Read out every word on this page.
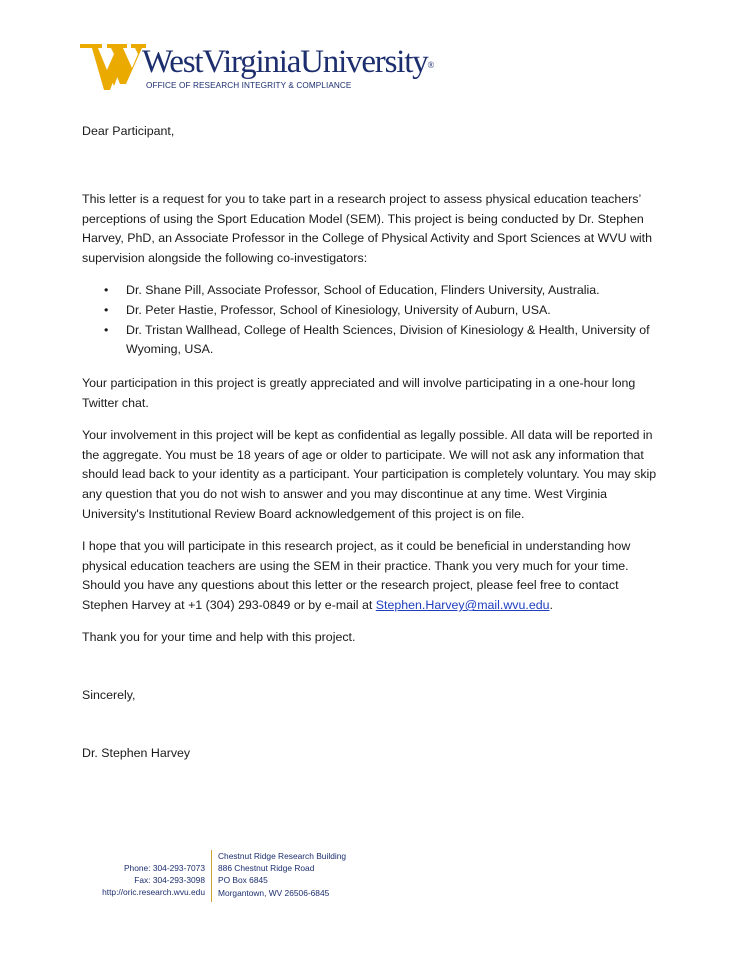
WestVirginiaUniversity®
OFFICE OF RESEARCH INTEGRITY & COMPLIANCE

Dear Participant,

This letter is a request for you to take part in a research project to assess physical education teachers’ perceptions of using the Sport Education Model (SEM). This project is being conducted by Dr. Stephen Harvey, PhD, an Associate Professor in the College of Physical Activity and Sport Sciences at WVU with supervision alongside the following co-investigators:

• Dr. Shane Pill, Associate Professor, School of Education, Flinders University, Australia.
• Dr. Peter Hastie, Professor, School of Kinesiology, University of Auburn, USA.
• Dr. Tristan Wallhead, College of Health Sciences, Division of Kinesiology & Health, University of Wyoming, USA.

Your participation in this project is greatly appreciated and will involve participating in a one-hour long Twitter chat.

Your involvement in this project will be kept as confidential as legally possible. All data will be reported in the aggregate. You must be 18 years of age or older to participate. We will not ask any information that should lead back to your identity as a participant. Your participation is completely voluntary. You may skip any question that you do not wish to answer and you may discontinue at any time. West Virginia University's Institutional Review Board acknowledgement of this project is on file.

I hope that you will participate in this research project, as it could be beneficial in understanding how physical education teachers are using the SEM in their practice. Thank you very much for your time. Should you have any questions about this letter or the research project, please feel free to contact Stephen Harvey at +1 (304) 293-0849 or by e-mail at Stephen.Harvey@mail.wvu.edu.

Thank you for your time and help with this project.

Sincerely,

Dr. Stephen Harvey

Phone: 304-293-7073
Fax: 304-293-3098
http://oric.research.wvu.edu
Chestnut Ridge Research Building
886 Chestnut Ridge Road
PO Box 6845
Morgantown, WV 26506-6845
